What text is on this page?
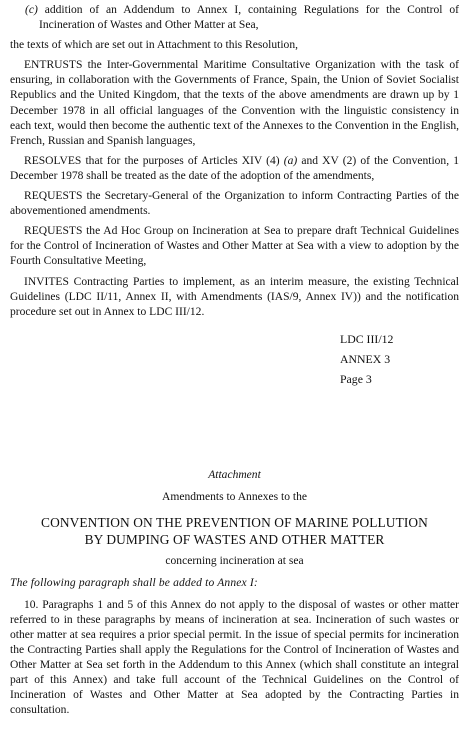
(c) addition of an Addendum to Annex I, containing Regulations for the Control of Incineration of Wastes and Other Matter at Sea,

the texts of which are set out in Attachment to this Resolution,

ENTRUSTS the Inter-Governmental Maritime Consultative Organization with the task of ensuring, in collaboration with the Governments of France, Spain, the Union of Soviet Socialist Republics and the United Kingdom, that the texts of the above amendments are drawn up by 1 December 1978 in all official languages of the Convention with the linguistic consistency in each text, would then become the authentic text of the Annexes to the Convention in the English, French, Russian and Spanish languages,

RESOLVES that for the purposes of Articles XIV (4) (a) and XV (2) of the Convention, 1 December 1978 shall be treated as the date of the adoption of the amendments,

REQUESTS the Secretary-General of the Organization to inform Contracting Parties of the abovementioned amendments.

REQUESTS the Ad Hoc Group on Incineration at Sea to prepare draft Technical Guidelines for the Control of Incineration of Wastes and Other Matter at Sea with a view to adoption by the Fourth Consultative Meeting,

INVITES Contracting Parties to implement, as an interim measure, the existing Technical Guidelines (LDC II/11, Annex II, with Amendments (IAS/9, Annex IV)) and the notification procedure set out in Annex to LDC III/12.

LDC III/12
ANNEX 3
Page 3

Attachment

Amendments to Annexes to the

CONVENTION ON THE PREVENTION OF MARINE POLLUTION
BY DUMPING OF WASTES AND OTHER MATTER

concerning incineration at sea

The following paragraph shall be added to Annex I:

10. Paragraphs 1 and 5 of this Annex do not apply to the disposal of wastes or other matter referred to in these paragraphs by means of incineration at sea. Incineration of such wastes or other matter at sea requires a prior special permit. In the issue of special permits for incineration the Contracting Parties shall apply the Regulations for the Control of Incineration of Wastes and Other Matter at Sea set forth in the Addendum to this Annex (which shall constitute an integral part of this Annex) and take full account of the Technical Guidelines on the Control of Incineration of Wastes and Other Matter at Sea adopted by the Contracting Parties in consultation.
